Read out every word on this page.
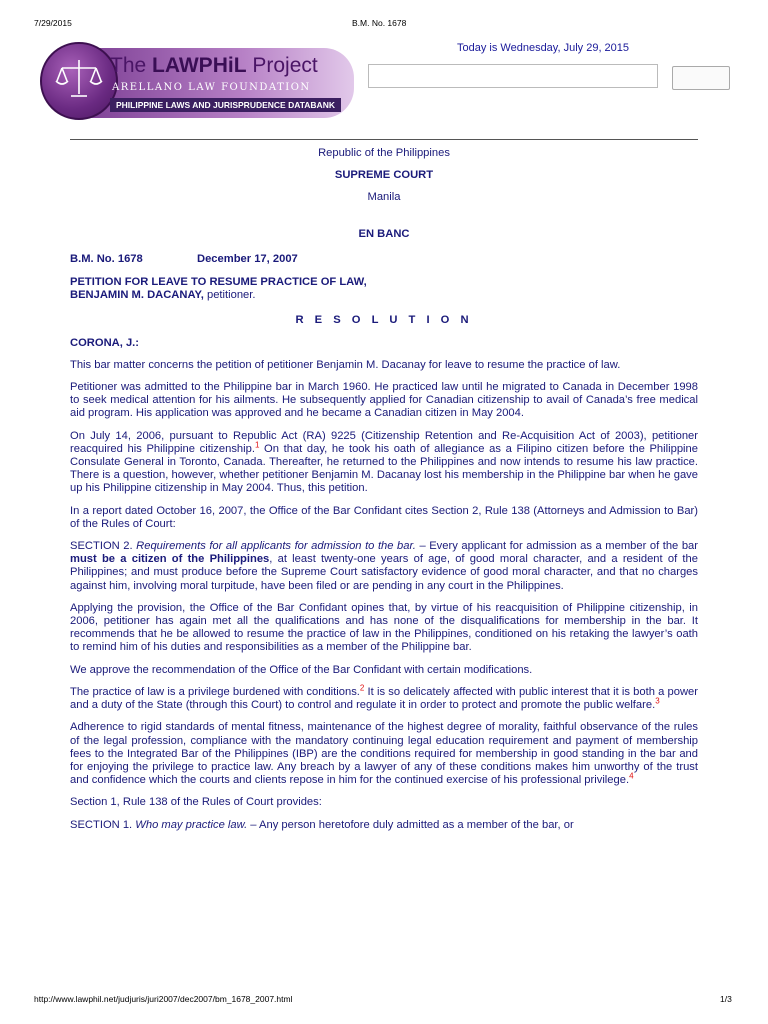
7/29/2015	B.M. No. 1678
The LAWPHiL Project
ARELLANO LAW FOUNDATION
PHILIPPINE LAWS AND JURISPRUDENCE DATABANK
Today is Wednesday, July 29, 2015

Republic of the Philippines

SUPREME COURT

Manila

EN BANC

B.M. No. 1678	December 17, 2007
PETITION FOR LEAVE TO RESUME PRACTICE OF LAW,
BENJAMIN M. DACANAY, petitioner.

R E S O L U T I O N

CORONA, J.:

This bar matter concerns the petition of petitioner Benjamin M. Dacanay for leave to resume the practice of law.

Petitioner was admitted to the Philippine bar in March 1960. He practiced law until he migrated to Canada in December 1998 to seek medical attention for his ailments. He subsequently applied for Canadian citizenship to avail of Canada’s free medical aid program. His application was approved and he became a Canadian citizen in May 2004.

On July 14, 2006, pursuant to Republic Act (RA) 9225 (Citizenship Retention and Re-Acquisition Act of 2003), petitioner reacquired his Philippine citizenship.$^1$ On that day, he took his oath of allegiance as a Filipino citizen before the Philippine Consulate General in Toronto, Canada. Thereafter, he returned to the Philippines and now intends to resume his law practice. There is a question, however, whether petitioner Benjamin M. Dacanay lost his membership in the Philippine bar when he gave up his Philippine citizenship in May 2004. Thus, this petition.

In a report dated October 16, 2007, the Office of the Bar Confidant cites Section 2, Rule 138 (Attorneys and Admission to Bar) of the Rules of Court:

SECTION 2. Requirements for all applicants for admission to the bar. – Every applicant for admission as a member of the bar must be a citizen of the Philippines, at least twenty-one years of age, of good moral character, and a resident of the Philippines; and must produce before the Supreme Court satisfactory evidence of good moral character, and that no charges against him, involving moral turpitude, have been filed or are pending in any court in the Philippines.

Applying the provision, the Office of the Bar Confidant opines that, by virtue of his reacquisition of Philippine citizenship, in 2006, petitioner has again met all the qualifications and has none of the disqualifications for membership in the bar. It recommends that he be allowed to resume the practice of law in the Philippines, conditioned on his retaking the lawyer’s oath to remind him of his duties and responsibilities as a member of the Philippine bar.

We approve the recommendation of the Office of the Bar Confidant with certain modifications.

The practice of law is a privilege burdened with conditions.$^2$ It is so delicately affected with public interest that it is both a power and a duty of the State (through this Court) to control and regulate it in order to protect and promote the public welfare.$^3$

Adherence to rigid standards of mental fitness, maintenance of the highest degree of morality, faithful observance of the rules of the legal profession, compliance with the mandatory continuing legal education requirement and payment of membership fees to the Integrated Bar of the Philippines (IBP) are the conditions required for membership in good standing in the bar and for enjoying the privilege to practice law. Any breach by a lawyer of any of these conditions makes him unworthy of the trust and confidence which the courts and clients repose in him for the continued exercise of his professional privilege.$^4$

Section 1, Rule 138 of the Rules of Court provides:

SECTION 1. Who may practice law. – Any person heretofore duly admitted as a member of the bar, or

http://www.lawphil.net/judjuris/juri2007/dec2007/bm_1678_2007.html	1/3
